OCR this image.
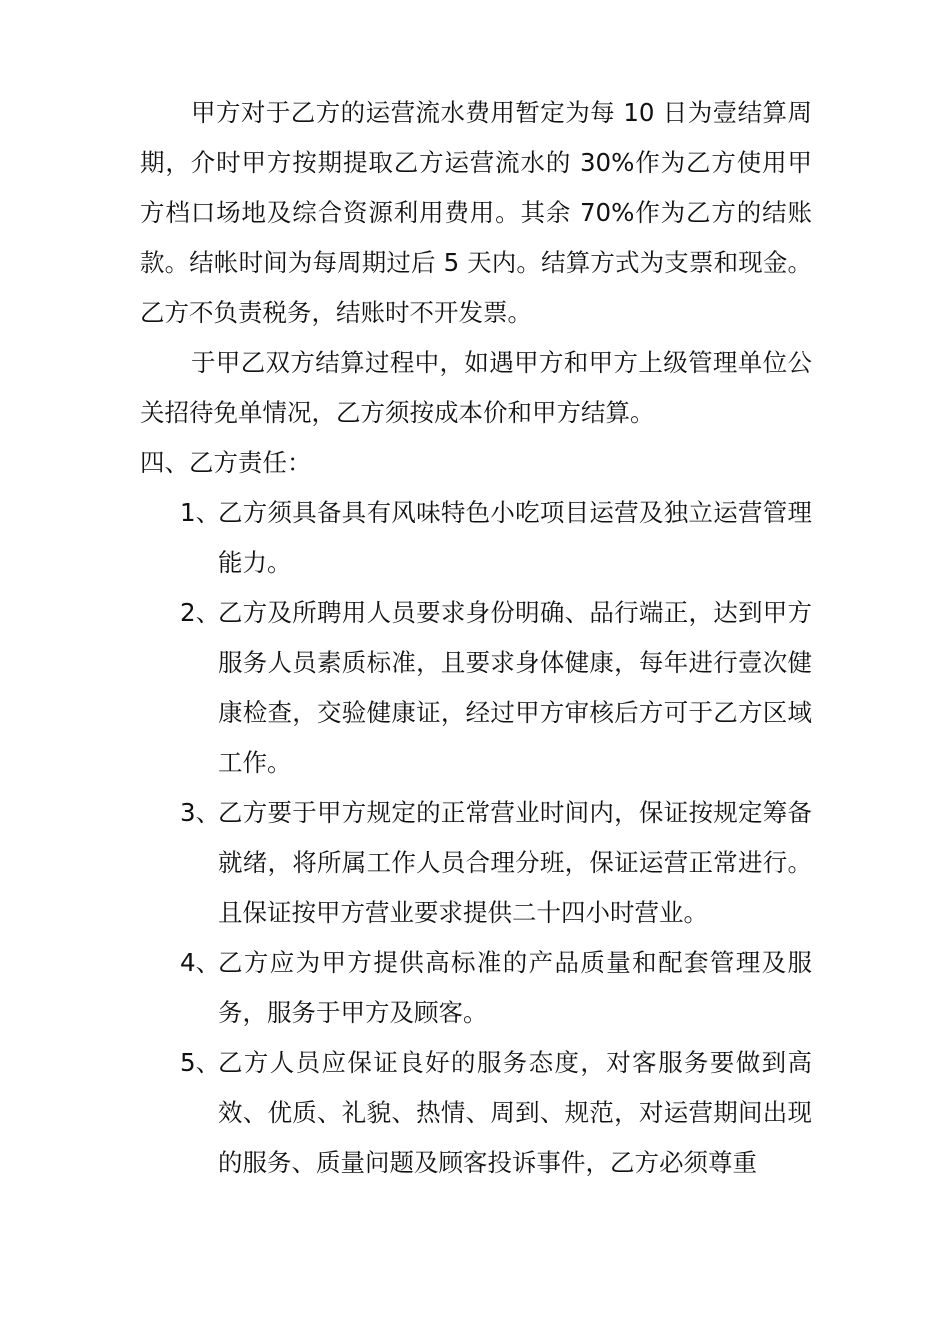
甲方对于乙方的运营流水费用暂定为每 10 日为壹结算周期，介时甲方按期提取乙方运营流水的 30%作为乙方使用甲方档口场地及综合资源利用费用。其余 70%作为乙方的结账款。结帐时间为每周期过后 5 天内。结算方式为支票和现金。乙方不负责税务，结账时不开发票。

于甲乙双方结算过程中，如遇甲方和甲方上级管理单位公关招待免单情况，乙方须按成本价和甲方结算。

四、乙方责任：

1、
乙方须具备具有风味特色小吃项目运营及独立运营管理能力。
2、
乙方及所聘用人员要求身份明确、品行端正，达到甲方服务人员素质标准，且要求身体健康，每年进行壹次健康检查，交验健康证，经过甲方审核后方可于乙方区域工作。
3、
乙方要于甲方规定的正常营业时间内，保证按规定筹备就绪，将所属工作人员合理分班，保证运营正常进行。且保证按甲方营业要求提供二十四小时营业。
4、
乙方应为甲方提供高标准的产品质量和配套管理及服务，服务于甲方及顾客。
5、
乙方人员应保证良好的服务态度，对客服务要做到高效、优质、礼貌、热情、周到、规范，对运营期间出现的服务、质量问题及顾客投诉事件，乙方必须尊重
